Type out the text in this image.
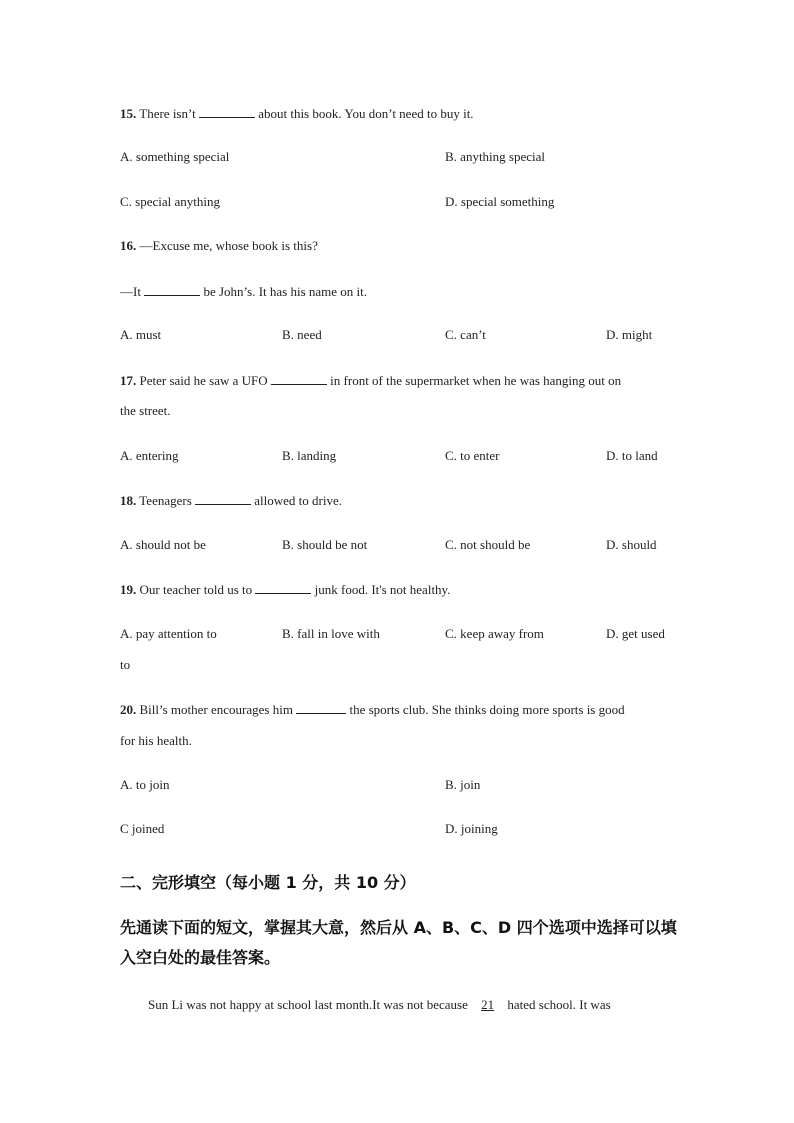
15. There isn’t	about this book. You don’t need to buy it.
A. something special	B. anything special
C. special anything	D. special something
16. —Excuse me, whose book is this?
—It	be John’s. It has his name on it.
A. must	B. need	C. can’t	D. might
17. Peter said he saw a UFO	in front of the supermarket when he was hanging out on
the street.
A. entering	B. landing	C. to enter	D. to land
18. Teenagers	allowed to drive.
A. should not be	B. should be not	C. not should be	D. should
19. Our teacher told us to	junk food. It's not healthy.
A. pay attention to	B. fall in love with	C. keep away from	D. get used
to
20. Bill’s mother encourages him	the sports club. She thinks doing more sports is good
for his health.
A. to join	B. join
C joined	D. joining
二、完形填空（每小题 1 分，共 10 分）
先通读下面的短文，掌握其大意，然后从 A、B、C、D 四个选项中选择可以填入空白处的最佳答案。
Sun Li was not happy at school last month.It was not because 21 hated school. It was
